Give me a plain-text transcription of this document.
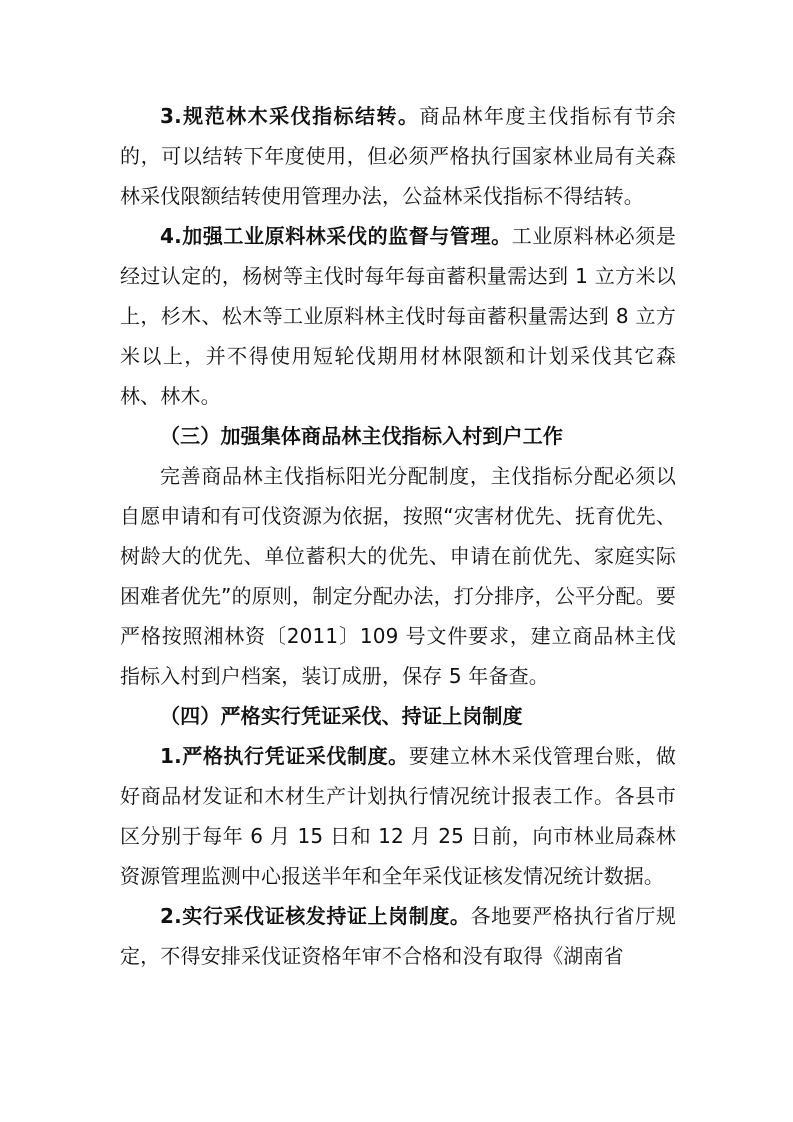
3.规范林木采伐指标结转。商品林年度主伐指标有节余的，可以结转下年度使用，但必须严格执行国家林业局有关森林采伐限额结转使用管理办法，公益林采伐指标不得结转。

4.加强工业原料林采伐的监督与管理。工业原料林必须是经过认定的，杨树等主伐时每年每亩蓄积量需达到 1 立方米以上，杉木、松木等工业原料林主伐时每亩蓄积量需达到 8 立方米以上，并不得使用短轮伐期用材林限额和计划采伐其它森林、林木。

（三）加强集体商品林主伐指标入村到户工作

完善商品林主伐指标阳光分配制度，主伐指标分配必须以自愿申请和有可伐资源为依据，按照“灾害材优先、抚育优先、树龄大的优先、单位蓄积大的优先、申请在前优先、家庭实际困难者优先”的原则，制定分配办法，打分排序，公平分配。要严格按照湘林资〔2011〕109 号文件要求，建立商品林主伐指标入村到户档案，装订成册，保存 5 年备查。

（四）严格实行凭证采伐、持证上岗制度

1.严格执行凭证采伐制度。要建立林木采伐管理台账，做好商品材发证和木材生产计划执行情况统计报表工作。各县市区分别于每年 6 月 15 日和 12 月 25 日前，向市林业局森林资源管理监测中心报送半年和全年采伐证核发情况统计数据。

2.实行采伐证核发持证上岗制度。各地要严格执行省厅规定，不得安排采伐证资格年审不合格和没有取得《湖南省
